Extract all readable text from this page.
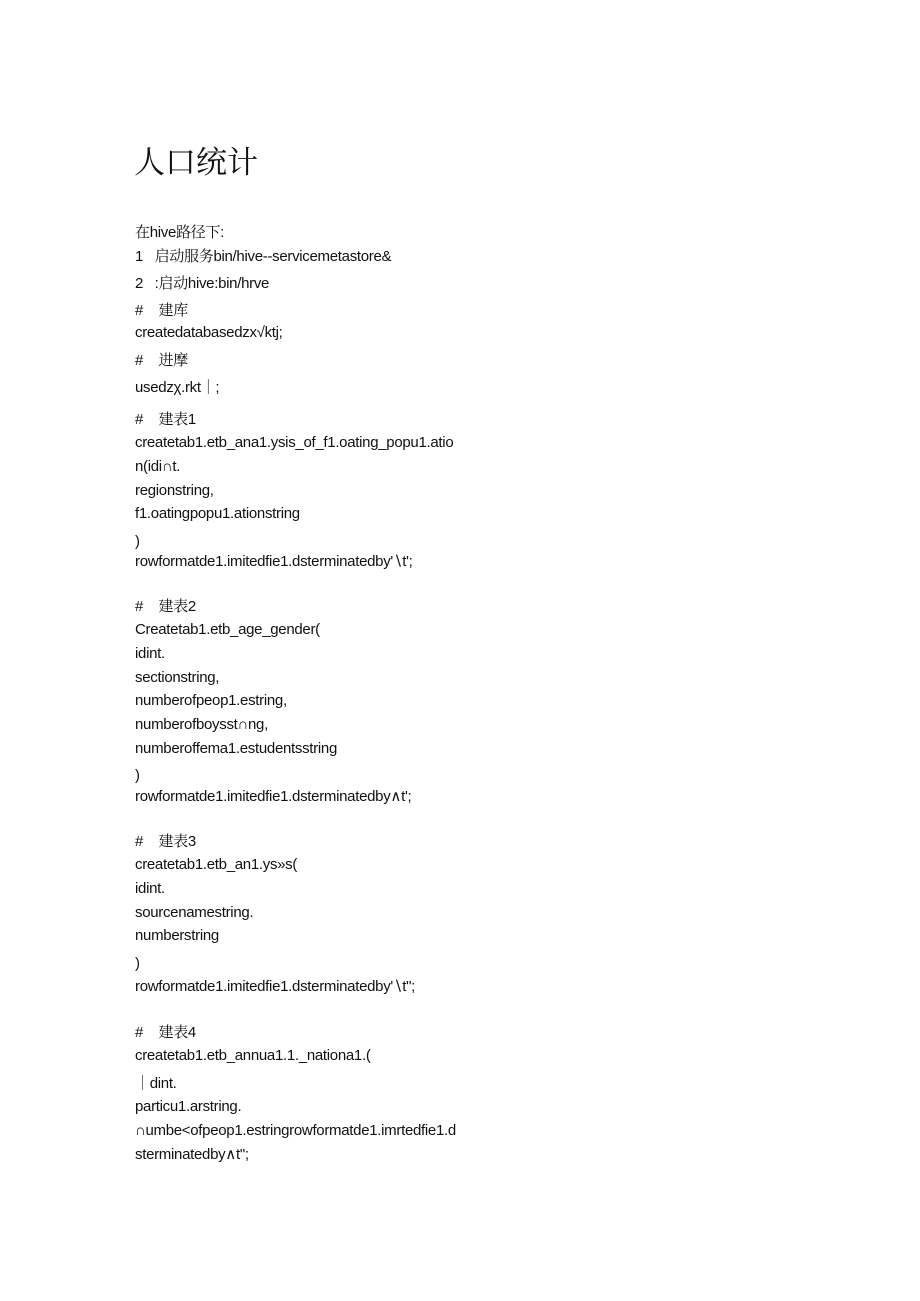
人口统计
在hive路径下:
1   启动服务bin/hive--servicemetastore&
2   :启动hive:bin/hrve
#    建库
createdatabasedzx√ktj;
#    进摩
usedzχ.rkt｜;
#    建表1
createtab1.etb_ana1.ysis_of_f1.oating_popu1.atio
n(idi∩t.
regionstring,
f1.oatingpopu1.ationstring
)
rowformatde1.imitedfie1.dsterminatedby'∖t';
#    建表2
Createtab1.etb_age_gender(
idint.
sectionstring,
numberofpeop1.estring,
numberofboysst∩ng,
numberoffema1.estudentsstring
)
rowformatde1.imitedfie1.dsterminatedby∧t';
#    建表3
createtab1.etb_an1.ys»s(
idint.
sourcenamestring.
numberstring
)
rowformatde1.imitedfie1.dsterminatedby'∖t";
#    建表4
createtab1.etb_annua1.1._nationa1.(
｜dint.
particu1.arstring.
∩umbe<ofpeop1.estringrowformatde1.imrtedfie1.d
sterminatedby∧t";
